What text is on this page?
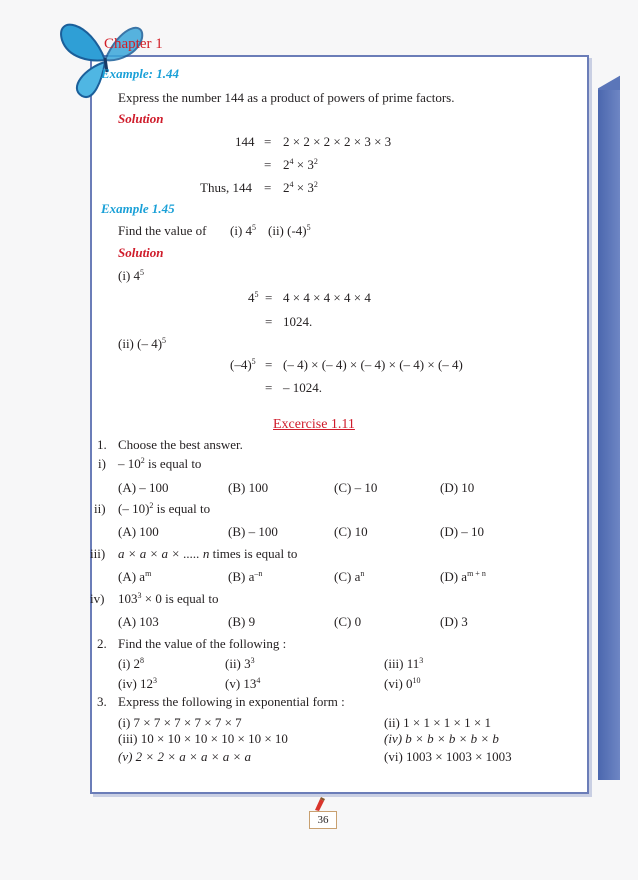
Chapter 1
Example: 1.44
Express the number 144 as a product of powers of prime factors.
Solution
144 = 2 × 2 × 2 × 2 × 3 × 3
= $2^4 \times 3^2$
Thus, $144 = 2^4 \times 3^2$
Example 1.45
Find the value of (i) $4^5$ (ii) $(-4)^5$
Solution
(i) $4^5$
$4^5 = 4 \times 4 \times 4 \times 4 \times 4$
= 1024.
(ii) (– 4)$^5$
$(-4)^5$ = (– 4) × (– 4) × (– 4) × (– 4) × (– 4)
= – 1024.
Excercise 1.11
1. Choose the best answer.
$i) - 10^2$ is equal to
(A) – 100	(B) 100	(C) – 10	(D) 10
ii) (– 10)$^2$ is equal to
(A) 100	(B) – 100	(C) 10	(D) – 10
iii) a × a × a × ..... n times is equal to
(A) $a^m$	(B) $a^{-n}$	(C) $a^n$	(D) $a^{m + n}$
iv) $103^3 \times 0$ is equal to
(A) 103	(B) 9	(C) 0	(D) 3
2. Find the value of the following :
(i) $2^8$	(ii) $3^3$	(iii) $11^3$
(iv) $12^3$	(v) $13^4$	(vi) $0^{10}$
3. Express the following in exponential form :
(i) 7 × 7 × 7 × 7 × 7 × 7	(ii) 1 × 1 × 1 × 1 × 1
(iii) 10 × 10 × 10 × 10 × 10 × 10	(iv) b × b × b × b × b
(v) 2 × 2 × a × a × a × a	(vi) 1003 × 1003 × 1003
36
